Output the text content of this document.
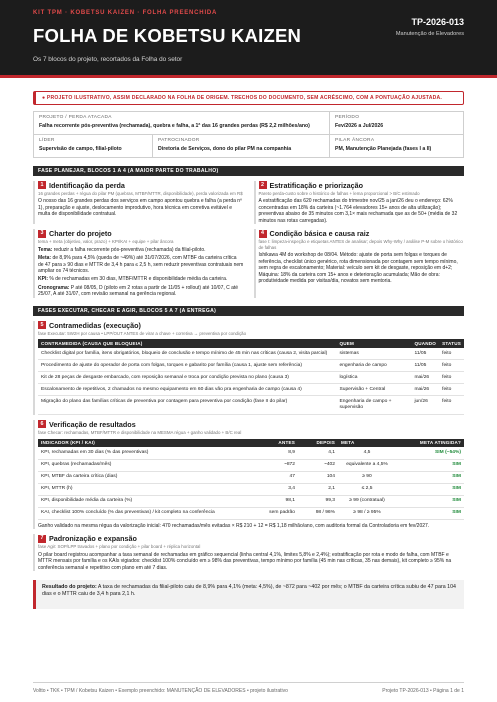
KIT TPM · KOBETSU KAIZEN · FOLHA PREENCHIDA
FOLHA DE KOBETSU KAIZEN
Os 7 blocos do projeto, recortados da Folha do setor
TP-2026-013
Manutenção de Elevadores
● PROJETO ILUSTRATIVO, ASSIM DECLARADO NA FOLHA DE ORIGEM. TRECHOS DO DOCUMENTO, SEM ACRÉSCIMO, COM A PONTUAÇÃO AJUSTADA.
PROJETO / PERDA ATACADA
Falha recorrente pós-preventiva (rechamada), quebra e falha, a 1ª das 16 grandes perdas (R$ 2,2 milhões/ano)
PERÍODO
Fev/2026 a Jul/2026
LÍDER
Supervisão de campo, filial-piloto
PATROCINADOR
Diretoria de Serviços, dono do pilar PM na companhia
PILAR ÂNCORA
PM, Manutenção Planejada (fases I a II)
FASE PLANEJAR, BLOCOS 1 A 4 (A MAIOR PARTE DO TRABALHO)
1 Identificação da perda
16 grandes perdas + régua do pilar PM (quebras, MTBF/MTTR, disponibilidade), perda valorizada em R$
O nosso das 16 grandes perdas dos serviços em campo apontou quebra e falha (a perda nº 1), preparação e ajuste, deslocamento improdutivo, hora técnica em corretiva evitável e multa de disponibilidade contratual.
2 Estratificação e priorização
Pareto perda-custo sobre o histórico de falhas + lema proporcional > B/C estimado
A estratificação das 620 rechamadas do trimestre nov/25 a jan/26 deu o endereço: 62% concentradas em 18% da carteira (~1.764 elevadores 15+ anos de alta utilização); preventivas abaixo de 35 minutos com 3,1× mais rechamada que as de 50+ (média de 32 minutos nas rotas carregadas).
3 Charter do projeto
tema + meta (objetivo, valor, prazo) + KPI/KAI + equipe + pilar âncora
Tema: reduzir a falha recorrente pós-preventiva (rechamada) da filial-piloto.
Meta: de 8,9% para 4,5% (queda de ~49%) até 31/07/2026, com MTBF da carteira crítica de 47 para ≥ 90 dias e MTTR de 3,4 h para ≤ 2,5 h, sem reduzir preventivas contratuais nem ampliar os 74 técnicos.
KPI: % de rechamadas em 30 dias, MTBF/MTTR e disponibilidade média da carteira.
Cronograma: P até 08/05, D (piloto em 2 rotas a partir de 11/05 + rollout) até 10/07, C até 25/07, A até 31/07, com revisão semanal na gerência regional.
4 Condição básica e causa raiz
fase I: limpeza-inspeção e etiquetas ANTES de analisar; depois Why-Why / análise P-M sobre o histórico de falhas
Ishikawa 4M do workshop de 08/04. Método: ajuste de porta sem folgas e torques de referência, checklist único genérico, rota dimensionada por contagem sem tempo mínimo, sem regra de escalonamento; Material: veículo sem kit de desgaste, reposição em d+2; Máquina: 18% da carteira com 15+ anos e deterioração acumulada; Mão de obra: produtividade medida por visitas/dia, novatos sem mentoria.
FASES EXECUTAR, CHECAR E AGIR, BLOCOS 5 A 7 (A ENTREGA)
5 Contramedidas (execução)
fase Executar: 5W2H por causa • LPP/OUT ANTES de virar a chave + corretiva → preventiva por condição
CONTRAMEDIDA (CAUSA QUE BLOQUEIA)	QUEM	QUANDO	STATUS
Checklist digital por família, itens obrigatórios, bloqueio de conclusão e tempo mínimo de 45 min nas críticas (causa 2, visita parcial)	sistemas	11/05	feito
Procedimento de ajuste do operador de porta com folgas, torques e gabarito por família (causa 1, ajuste sem referência)	engenharia de campo	11/05	feito
Kit de 28 peças de desgaste embarcado, com reposição semanal e troca por condição prevista no plano (causa 3)	logística	mai/26	feito
Escalonamento de repetitivos, 2 chamados no mesmo equipamento em 60 dias vão pra engenharia de campo (causa 4)	Supervisão + Central	mai/26	feito
Migração do plano das famílias críticas de preventiva por contagem para preventiva por condição (fase II do pilar)	Engenharia de campo + supervisão	jun/26	feito
6 Verificação de resultados
fase Checar: rechamadas, MTBF/MTTR e disponibilidade na MESMA régua + ganho validado + B/C real
INDICADOR (KPI / KAI)	ANTES	DEPOIS	META	META ATINGIDA?
KPI, rechamadas em 30 dias (% das preventivas)	8,9	4,1	4,5	SIM (−54%)
KPI, quebras (rechamadas/mês)	~872	~402	equivalente a 4,5%	SIM
KPI, MTBF da carteira crítica (dias)	47	104	≥ 90	SIM
KPI, MTTR (h)	3,4	2,1	≤ 2,5	SIM
KPI, disponibilidade média da carteira (%)	98,1	99,3	≥ 99 (contratual)	SIM
KAI, checklist 100% concluído (% das preventivas) / kit completo na conferência	sem padrão	98 / 96%	≥ 98 / ≥ 95%	SIM
Ganho validado na mesma régua da valorização inicial: 470 rechamadas/mês evitadas × R$ 210 + 12 = R$ 1,18 milhão/ano, com auditoria formal da Controladoria em fev/2027.
7 Padronização e expansão
fase Agir: SOP/LPP travados + plano por condição + pilar board + réplica horizontal
O pilar board registrou acompanhar a taxa semanal de rechamadas em gráfico sequencial (linha central 4,1%, limites 5,8% e 2,4%); estratificação por rota e modo de falha, com MTBF e MTTR mensais por família e os KAIs vigiados: checklist 100% concluído em ≥ 98% das preventivas, tempo mínimo por família (45 min nas críticas, 35 nas demais), kit completo ≥ 95% na conferência semanal e repetitivo com plano em até 7 dias.
Resultado do projeto: A taxa de rechamadas da filial-piloto caiu de 8,9% para 4,1% (meta: 4,5%), de ~872 para ~402 por mês; o MTBF da carteira crítica subiu de 47 para 104 dias e o MTTR caiu de 3,4 h para 2,1 h.
Voltto • TKK • TPM / Kobetsu Kaizen • Exemplo preenchido: MANUTENÇÃO DE ELEVADORES • projeto ilustrativo	Projeto TP-2026-013 • Página 1 de 1
